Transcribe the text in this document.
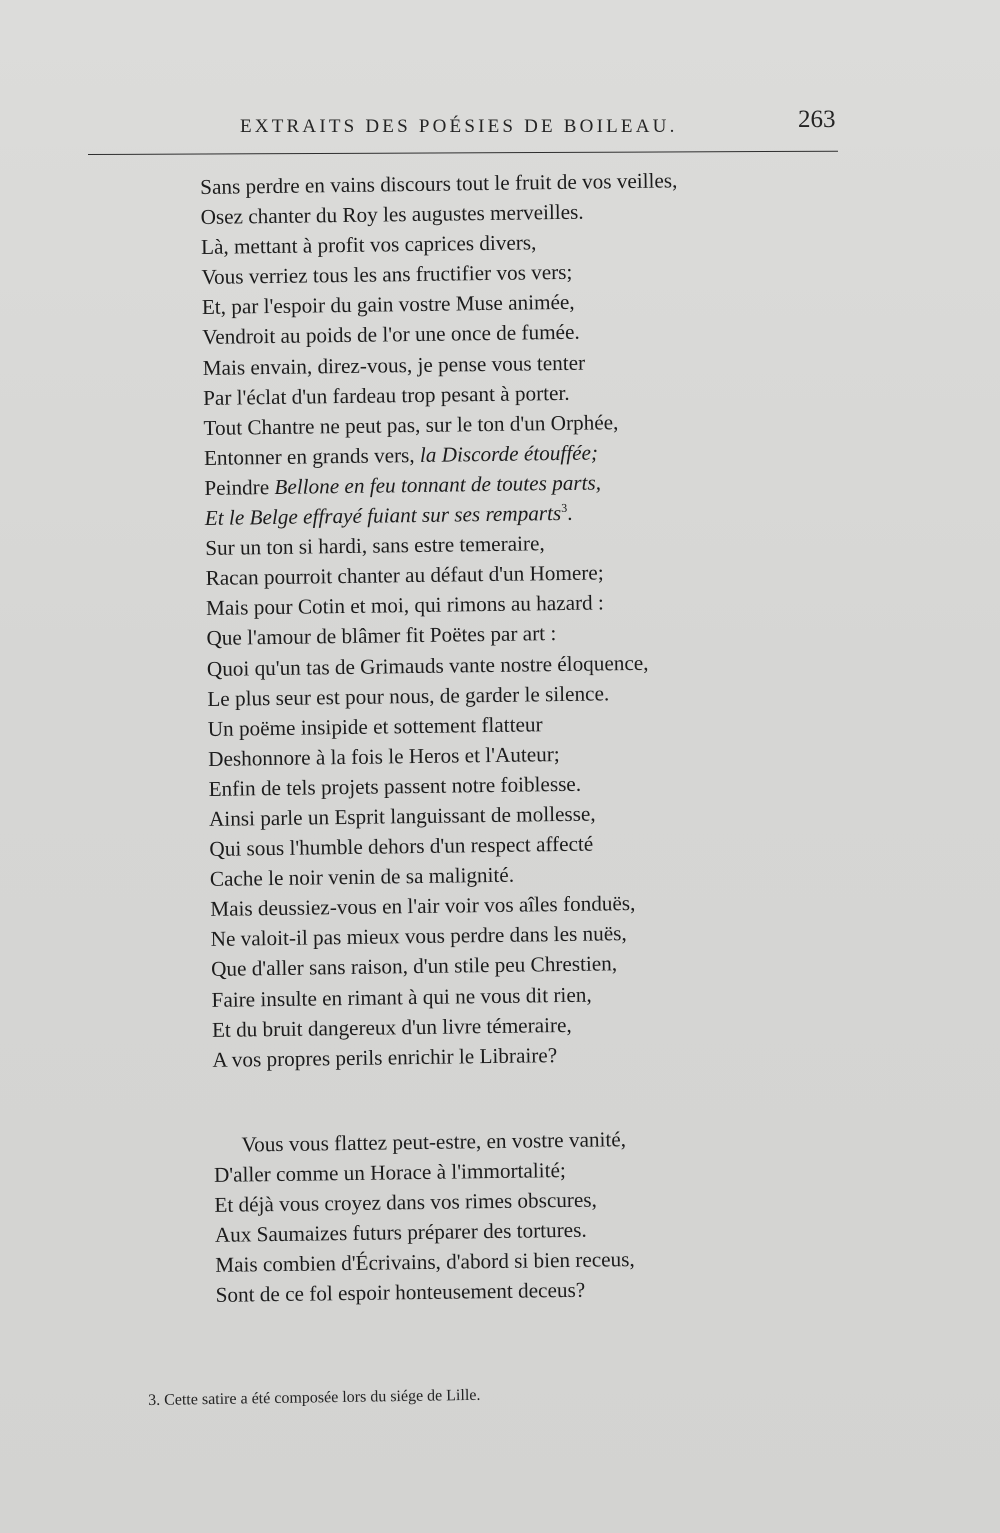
EXTRAITS DES POÉSIES DE BOILEAU.	263
Sans perdre en vains discours tout le fruit de vos veilles,
Osez chanter du Roy les augustes merveilles.
Là, mettant à profit vos caprices divers,
Vous verriez tous les ans fructifier vos vers;
Et, par l'espoir du gain vostre Muse animée,
Vendroit au poids de l'or une once de fumée.
Mais envain, direz-vous, je pense vous tenter
Par l'éclat d'un fardeau trop pesant à porter.
Tout Chantre ne peut pas, sur le ton d'un Orphée,
Entonner en grands vers, la Discorde étouffée;
Peindre Bellone en feu tonnant de toutes parts,
Et le Belge effrayé fuiant sur ses remparts$^3$.
Sur un ton si hardi, sans estre temeraire,
Racan pourroit chanter au défaut d'un Homere;
Mais pour Cotin et moi, qui rimons au hazard :
Que l'amour de blâmer fit Poëtes par art :
Quoi qu'un tas de Grimauds vante nostre éloquence,
Le plus seur est pour nous, de garder le silence.
Un poëme insipide et sottement flatteur
Deshonnore à la fois le Heros et l'Auteur;
Enfin de tels projets passent notre foiblesse.
Ainsi parle un Esprit languissant de mollesse,
Qui sous l'humble dehors d'un respect affecté
Cache le noir venin de sa malignité.
Mais deussiez-vous en l'air voir vos aîles fonduës,
Ne valoit-il pas mieux vous perdre dans les nuës,
Que d'aller sans raison, d'un stile peu Chrestien,
Faire insulte en rimant à qui ne vous dit rien,
Et du bruit dangereux d'un livre témeraire,
A vos propres perils enrichir le Libraire?
Vous vous flattez peut-estre, en vostre vanité,
D'aller comme un Horace à l'immortalité;
Et déjà vous croyez dans vos rimes obscures,
Aux Saumaizes futurs préparer des tortures.
Mais combien d'Écrivains, d'abord si bien receus,
Sont de ce fol espoir honteusement deceus?
3. Cette satire a été composée lors du siége de Lille.
